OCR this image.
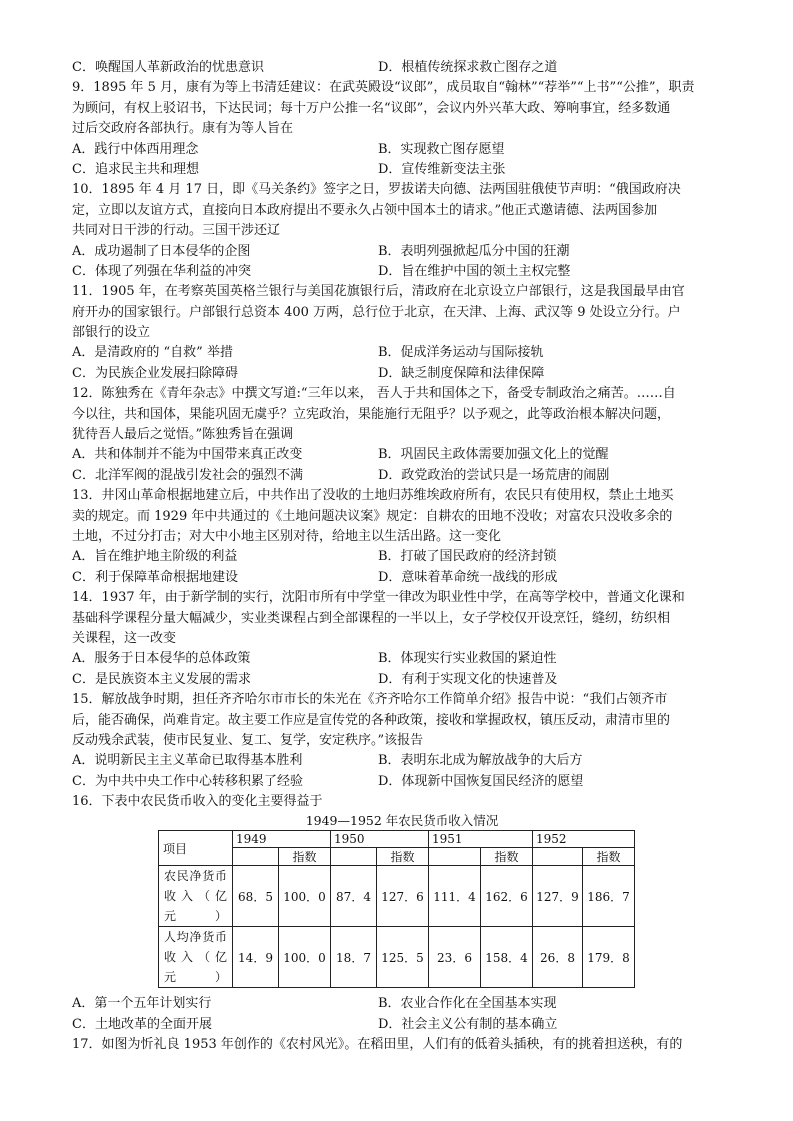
C．唤醒国人革新政治的忧患意识	D．根植传统探求救亡图存之道
9．1895 年 5 月，康有为等上书清廷建议：在武英殿设“议郎”，成员取自“翰林”“荐举”“上书”“公推”，职责
为顾问，有权上驳诏书，下达民词；每十万户公推一名“议郎”，会议内外兴革大政、筹响事宜，经多数通
过后交政府各部执行。康有为等人旨在
A．践行中体西用理念	B．实现救亡图存愿望
C．追求民主共和理想	D．宣传维新变法主张
10．1895 年 4 月 17 日，即《马关条约》签字之日，罗拔诺夫向德、法两国驻俄使节声明：“俄国政府决
定，立即以友谊方式，直接向日本政府提出不要永久占领中国本土的请求。”他正式邀请德、法两国参加
共同对日干涉的行动。三国干涉还辽
A．成功遏制了日本侵华的企图	B．表明列强掀起瓜分中国的狂潮
C．体现了列强在华利益的冲突	D．旨在维护中国的领土主权完整
11．1905 年，在考察英国英格兰银行与美国花旗银行后，清政府在北京设立户部银行，这是我国最早由官
府开办的国家银行。户部银行总资本 400 万两，总行位于北京，在天津、上海、武汉等 9 处设立分行。户
部银行的设立
A．是清政府的 “自救” 举措	B．促成洋务运动与国际接轨
C．为民族企业发展扫除障碍	D．缺乏制度保障和法律保障
12．陈独秀在《青年杂志》中撰文写道:“三年以来， 吾人于共和国体之下，备受专制政治之痛苦。……自
今以往，共和国体，果能巩固无虞乎？立宪政治，果能施行无阻乎？以予观之，此等政治根本解决问题，
犹待吾人最后之觉悟。”陈独秀旨在强调
A．共和体制并不能为中国带来真正改变	B．巩固民主政体需要加强文化上的觉醒
C．北洋军阀的混战引发社会的强烈不满	D．政党政治的尝试只是一场荒唐的闹剧
13．井冈山革命根据地建立后，中共作出了没收的土地归苏维埃政府所有，农民只有使用权，禁止土地买
卖的规定。而 1929 年中共通过的《土地问题决议案》规定：自耕农的田地不没收；对富农只没收多余的
土地，不过分打击；对大中小地主区别对待，给地主以生活出路。这一变化
A．旨在维护地主阶级的利益	B．打破了国民政府的经济封锁
C．利于保障革命根据地建设	D．意味着革命统一战线的形成
14．1937 年，由于新学制的实行，沈阳市所有中学堂一律改为职业性中学，在高等学校中，普通文化课和
基础科学课程分量大幅减少，实业类课程占到全部课程的一半以上，女子学校仅开设烹饪，缝纫，纺织相
关课程，这一改变
A．服务于日本侵华的总体政策	B．体现实行实业救国的紧迫性
C．是民族资本主义发展的需求	D．有利于实现文化的快速普及
15．解放战争时期，担任齐齐哈尔市市长的朱光在《齐齐哈尔工作简单介绍》报告中说：“我们占领齐市
后，能否确保，尚难肯定。故主要工作应是宣传党的各种政策，接收和掌握政权，镇压反动，肃清市里的
反动残余武装，使市民复业、复工、复学，安定秩序。”该报告
A．说明新民主主义革命已取得基本胜利	B．表明东北成为解放战争的大后方
C．为中共中央工作中心转移积累了经验	D．体现新中国恢复国民经济的愿望
16．下表中农民货币收入的变化主要得益于
1949—1952 年农民货币收入情况
项目	1949		1950		1951		1952	
		指数		指数		指数		指数

农民净货币
收入（亿元）	68．5	100．0	87．4	127．6	111．4	162．6	127．9	186．7

人均净货币
收入（亿元）	14．9	100．0	18．7	125．5	23．6	158．4	26．8	179．8
A．第一个五年计划实行	B．农业合作化在全国基本实现
C．土地改革的全面开展	D．社会主义公有制的基本确立
17．如图为忻礼良 1953 年创作的《农村风光》。在稻田里，人们有的低着头插秧，有的挑着担送秧，有的
